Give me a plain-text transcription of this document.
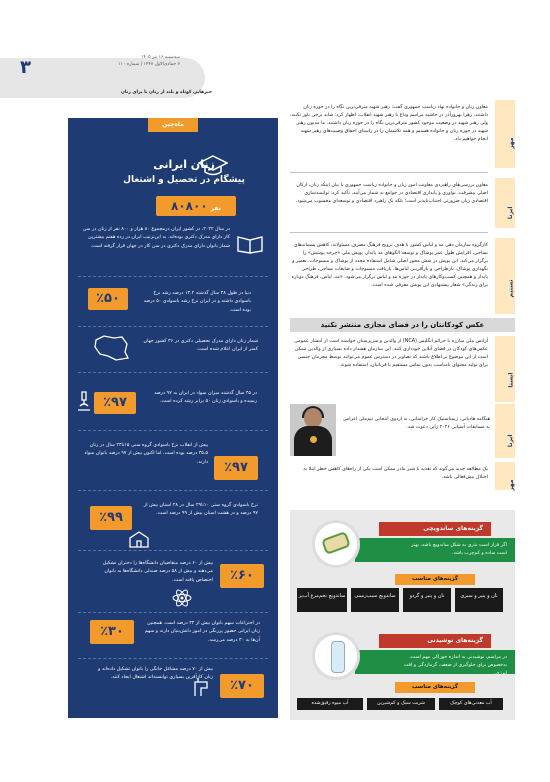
۳	سه‌شنبه ۱۶ تیر ۱۴۰۵
۷ جمادی‌الاول ۱۴۴۷ | شماره ۱۱۰
خبرهایی کوتاه و بلند از زنان یا برای زنان
ماه‌چین
زنان ایرانی
پیشگام در تحصیل و اشتغال
نفر۸۰۸۰۰
در سال ۲۰۲۲، در کشور ایران درمجموع ۸۰ هزار و ۸۰۰ نفر از زنان در سن کار دارای مدرک دکتری بوده‌اند. به این‌ترتیب ایران در رده هفتم بیشترین شمار بانوان دارای مدرک دکتری در سن کار در جهان قرار گرفته است.
٪۵۰	دنیا در طول ۳۸ سال گذشته ۱۳.۲ درصد رشد نرخ باسوادی داشته و در ایران نرخ رشد باسوادی ۵۰ درصد بوده است.
شمار زنان دارای مدرک تحصیلی دکتری در ۳۶ کشور جهان کمتر از ایران اعلام شده است.
٪۹۷
در ۴۵ سال گذشته میزان سواد در ایران به ۹۷ درصد رسیده و باسوادی زنان ۵۰ برابر رشد کرده است.
٪۹۷
پیش از انقلاب نرخ باسوادی گروه سنی ۱۵تا۲۴ سال در زنان ۳۵.۵ درصد بوده است، اما اکنون بیش از ۹۷ درصد بانوان سواد دارند.
٪۹۹
نرخ باسوادی گروه سنی ۱۰تا۲۹ سال در ۲۸ استان بیش از ۹۷ درصد و در هشت استان بیش از ۹۹ درصد است.
٪۶۰
بیش از ۶۰ درصد متقاضیان دانشگاه‌ها را دختران تشکیل می‌دهند و بیش از ۵۸ درصد صندلی دانشگاه‌ها به بانوان اختصاص یافته است.
٪۳۰
در اختراعات سهم بانوان بیش از ۳۴ درصد است. همچنین زنان ایرانی حضور پررنگی در امور دانش‌بنیان دارند و سهم آن‌ها به ۳۰ درصد می‌رسد.
٪۷۰
بیش از ۷۰ درصد مشاغل خانگی را بانوان تشکیل داده‌اند و زنان کارآفرین بسیاری توانسته‌اند اشتغال ایجاد کنند.
معاون زنان و خانواده نهاد ریاست جمهوری گفت: رهبر شهید مترقی‌ترین نگاه را در حوزه زنان داشتند. زهرا بهروزآذر در حاشیه مراسم وداع با رهبر شهید انقلاب، اظهار کرد: شاید برخی باور نکنند، ولی رهبر شهید در وضعیت موجود کشور مترقی‌ترین نگاه را در حوزه زنان داشتند. ما مدیون رهبر شهید در حوزه زنان و خانواده هستیم و همه تلاشمان را در راستای احقاق وصیت‌های رهبر شهید انجام خواهیم داد.	مهر
معاون بررسی‌های راهبردی معاونت امور زنان و خانواده ریاست جمهوری با بیان اینکه زنان، ارکان اصلی پیشرفت، نوآوری و پایداری اقتصادی در جوامع به شمار می‌آیند، تأکید کرد: توانمندسازی اقتصادی زنان ضرورتی اجتناب‌ناپذیر است؛ بلکه یک راهبرد اقتصادی و توسعه‌ای محسوب می‌شود.
ایرنا
کارگروه سازمان دهی مد و لباس کشور با هدف ترویج فرهنگ مصرف مسئولانه، کاهش پسماندهای نساجی، افزایش طول عمر پوشاک و توسعه الگوهای مد پایدار، پویش ملی «چرخه پوشش» را برگزار می‌کند. این پویش در شش محور اصلی شامل استفاده مجدد از پوشاک و منسوجات، تعمیر و نگهداری پوشاک، بازطراحی و بازآفرینی لباس‌ها، بازیافت منسوجات و ضایعات نساجی، طراحی پایدار و همچنین کسب‌وکارهای پایدار در حوزه مد و لباس برگزار می‌شود. «مد، لباس، فرهنگ دوباره برای زندگی» شعار پیشنهادی این پویش معرفی شده است.	تسنیم
عکس کودکانتان را در فضای مجازی منتشر نکنید
آژانس ملی مبارزه با جرائم انگلیس (NCA) از والدین و سرپرستان خواسته است از انتشار عمومی عکس‌های کودکان در فضای آنلاین خودداری کنند. این سازمان هشدار داده بسیاری از والدین ممکن است از این موضوع بی‌اطلاع باشند که تصاویر در دسترس عموم می‌توانند توسط مجرمان جنسی برای تولید محتوای نامناسب بدون تماس مستقیم با قربانیان، استفاده شوند.
ایسنا
هنگامه هادیانی، ژیمناستیک کار خراسانی، به اردوی انتخابی تیم‌ملی اعزامی به مسابقات آسیایی ۲۰۲۶ ژاپن دعوت شد.
ایرنا
یک مطالعه جدید می‌گوید که تغذیه با شیر مادر ممکن است یکی از راه‌های کاهش خطر ابتلا به اختلال بیش‌فعالی باشد.
مهر
گزینه‌های ساندویچی
اگر قرار است نذری به شکل ساندویچ باشد، بهتر است ساده و کم‌چرب باشد.
گزینه‌های مناسب
نان و پنیر و سبزی
نان و پنیر و گردو
ساندویچ سیب‌زمینی
ساندویچ تخم‌مرغ آب‌پز
گزینه‌های نوشیدنی
در مراسم، نوشیدنی به اندازه خوراکی مهم است، به‌خصوص برای جلوگیری از ضعف، گرمازدگی و افت انرژی.
گزینه‌های مناسب
آب معدنی‌های کوچک
شربت سبک و کم‌شیرین
آب میوه رقیق‌شده
